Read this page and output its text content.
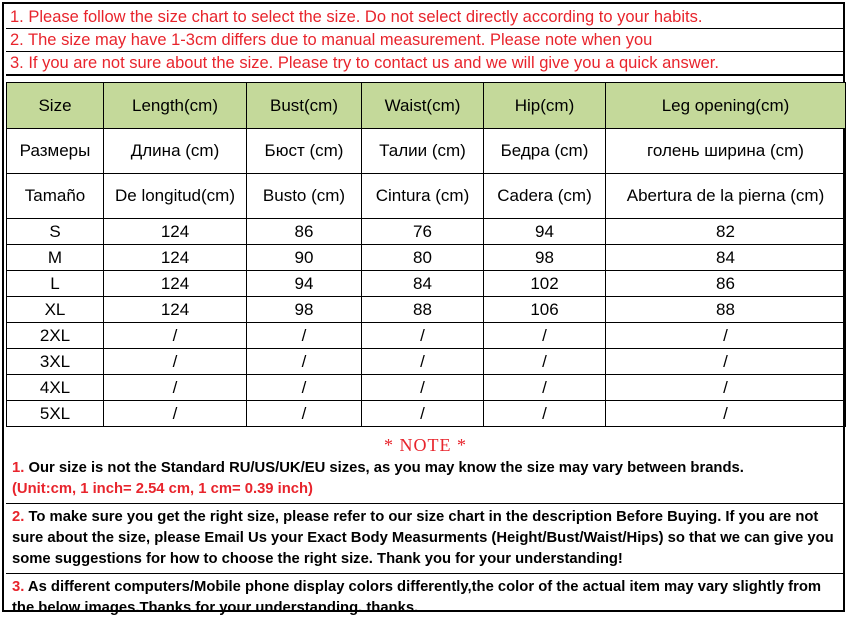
1. Please follow the size chart to select the size. Do not select directly according to your habits.
2. The size may have 1-3cm differs due to manual measurement. Please note when you
3. If you are not sure about the size. Please try to contact us and we will give you a quick answer.
Size	Length(cm)	Bust(cm)	Waist(cm)	Hip(cm)	Leg opening(cm)
Размеры	Длина (cm)	Бюст (cm)	Талии (cm)	Бедра (cm)	голень ширина (cm)
Tamaño	De longitud(cm)	Busto (cm)	Cintura (cm)	Cadera (cm)	Abertura de la pierna (cm)
S	124	86	76	94	82
M	124	90	80	98	84
L	124	94	84	102	86
XL	124	98	88	106	88
2XL	/	/	/	/	/
3XL	/	/	/	/	/
4XL	/	/	/	/	/
5XL	/	/	/	/	/
* NOTE *

1. Our size is not the Standard RU/US/UK/EU sizes, as you may know the size may vary between brands.

(Unit:cm, 1 inch= 2.54 cm, 1 cm= 0.39 inch)

2. To make sure you get the right size, please refer to our size chart in the description Before Buying. If you are not sure about the size, please Email Us your Exact Body Measurments (Height/Bust/Waist/Hips) so that we can give you some suggestions for how to choose the right size. Thank you for your understanding!

3. As different computers/Mobile phone display colors differently,the color of the actual item may vary slightly from the below images.Thanks for your understanding. thanks.
